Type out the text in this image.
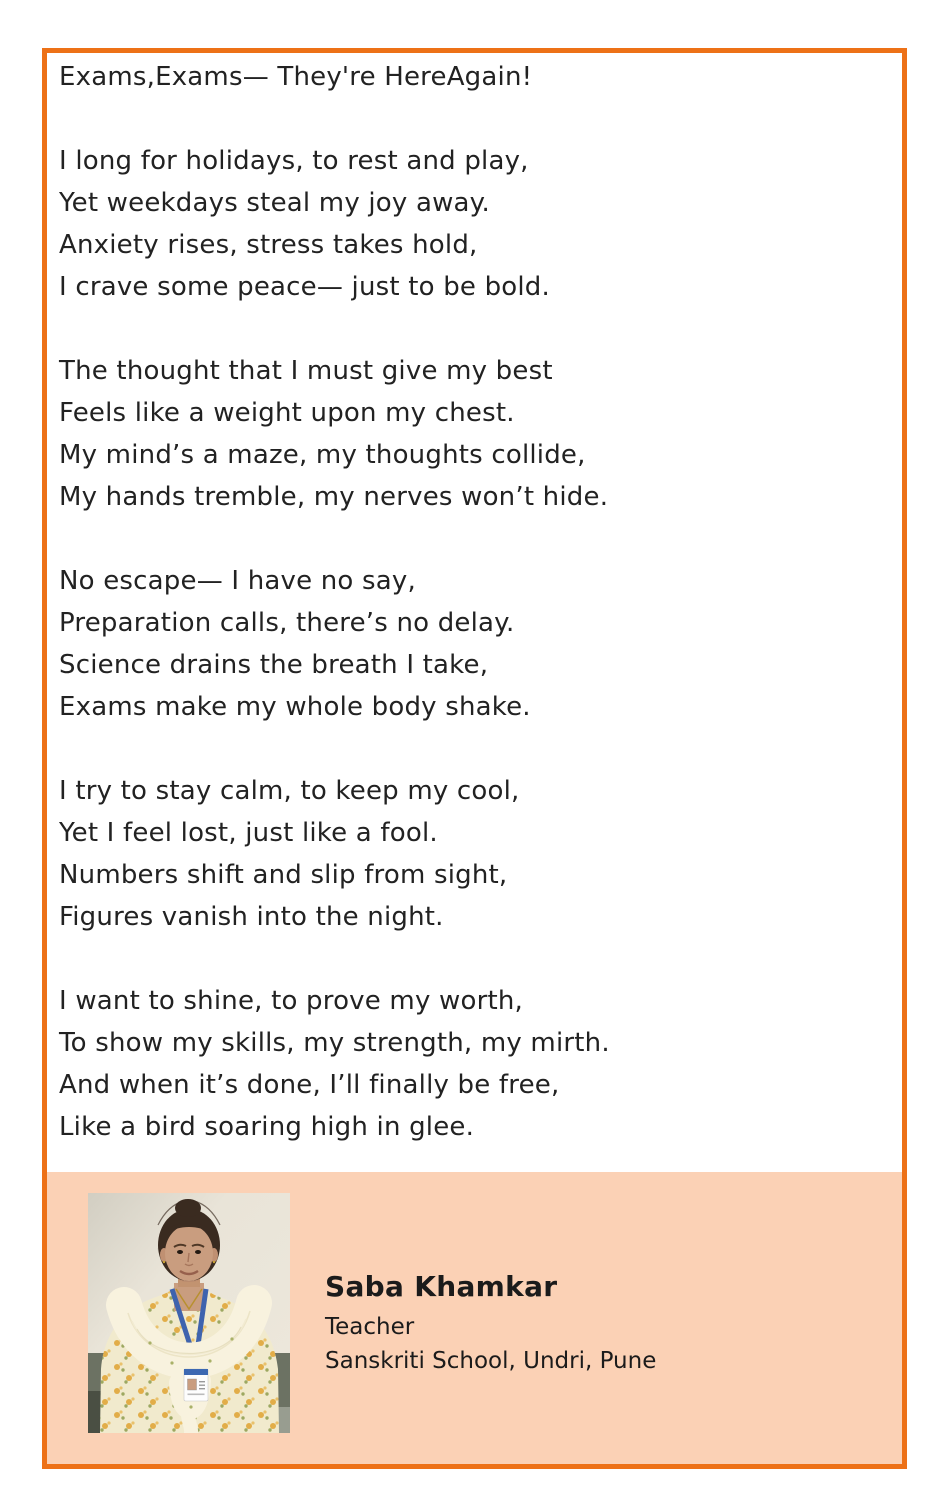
Exams,Exams— They're HereAgain!

I long for holidays, to rest and play,
Yet weekdays steal my joy away.
Anxiety rises, stress takes hold,
I crave some peace— just to be bold.

The thought that I must give my best
Feels like a weight upon my chest.
My mind’s a maze, my thoughts collide,
My hands tremble, my nerves won’t hide.

No escape— I have no say,
Preparation calls, there’s no delay.
Science drains the breath I take,
Exams make my whole body shake.

I try to stay calm, to keep my cool,
Yet I feel lost, just like a fool.
Numbers shift and slip from sight,
Figures vanish into the night.

I want to shine, to prove my worth,
To show my skills, my strength, my mirth.
And when it’s done, I’ll finally be free,
Like a bird soaring high in glee.

Saba Khamkar
Teacher
Sanskriti School, Undri, Pune
